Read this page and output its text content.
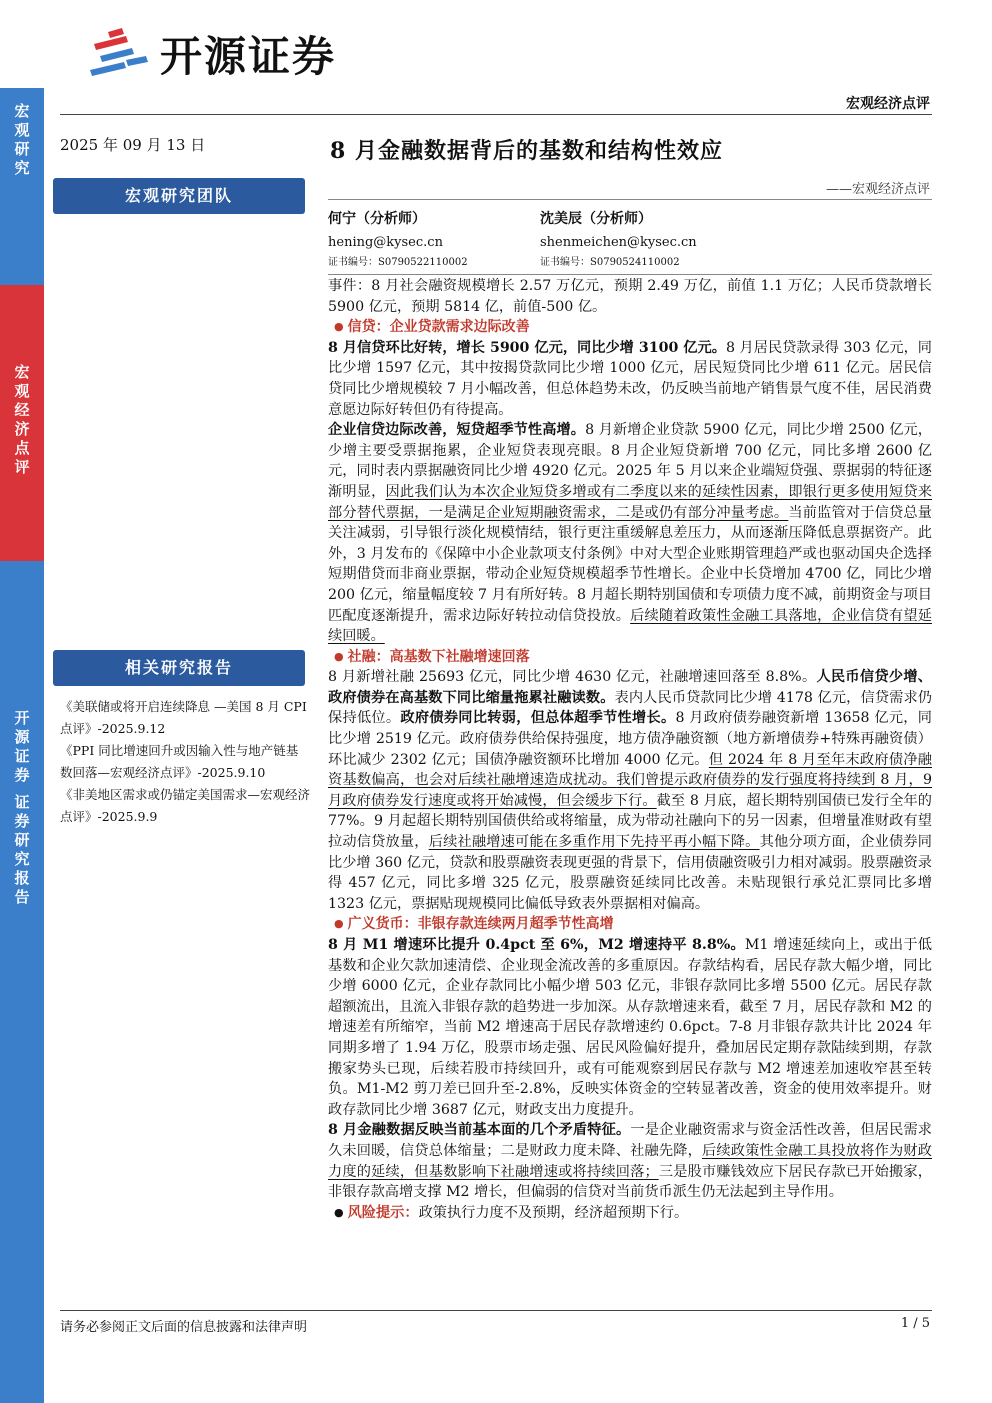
宏
观
研
究
宏
观
经
济
点
评
开
源
证
券
证
券
研
究
报
告
开源证券
宏观经济点评
2025 年 09 月 13 日	8 月金融数据背后的基数和结构性效应
——宏观经济点评
宏观研究团队
何宁（分析师）
hening@kysec.cn
证书编号：S0790522110002
沈美辰（分析师）
shenmeichen@kysec.cn
证书编号：S0790524110002
相关研究报告

《美联储或将开启连续降息 —美国 8 月 CPI 点评》-2025.9.12

《PPI 同比增速回升或因输入性与地产链基数回落—宏观经济点评》-2025.9.10

《非美地区需求或仍锚定美国需求—宏观经济点评》-2025.9.9

事件：8 月社会融资规模增长 2.57 万亿元，预期 2.49 万亿，前值 1.1 万亿；人民币贷款增长 5900 亿元，预期 5814 亿，前值-500 亿。

● 信贷：企业贷款需求边际改善

8 月信贷环比好转，增长 5900 亿元，同比少增 3100 亿元。8 月居民贷款录得 303 亿元，同比少增 1597 亿元，其中按揭贷款同比少增 1000 亿元，居民短贷同比少增 611 亿元。居民信贷同比少增规模较 7 月小幅改善，但总体趋势未改，仍反映当前地产销售景气度不佳，居民消费意愿边际好转但仍有待提高。

企业信贷边际改善，短贷超季节性高增。8 月新增企业贷款 5900 亿元，同比少增 2500 亿元，少增主要受票据拖累，企业短贷表现亮眼。8 月企业短贷新增 700 亿元，同比多增 2600 亿元，同时表内票据融资同比少增 4920 亿元。2025 年 5 月以来企业端短贷强、票据弱的特征逐渐明显，因此我们认为本次企业短贷多增或有二季度以来的延续性因素，即银行更多使用短贷来部分替代票据，一是满足企业短期融资需求，二是或仍有部分冲量考虑。当前监管对于信贷总量关注减弱，引导银行淡化规模情结，银行更注重缓解息差压力，从而逐渐压降低息票据资产。此外，3 月发布的《保障中小企业款项支付条例》中对大型企业账期管理趋严或也驱动国央企选择短期借贷而非商业票据，带动企业短贷规模超季节性增长。企业中长贷增加 4700 亿，同比少增 200 亿元，缩量幅度较 7 月有所好转。8 月超长期特别国债和专项债力度不减，前期资金与项目匹配度逐渐提升，需求边际好转拉动信贷投放。后续随着政策性金融工具落地，企业信贷有望延续回暖。

● 社融：高基数下社融增速回落

8 月新增社融 25693 亿元，同比少增 4630 亿元，社融增速回落至 8.8%。人民币信贷少增、政府债券在高基数下同比缩量拖累社融读数。表内人民币贷款同比少增 4178 亿元，信贷需求仍保持低位。政府债券同比转弱，但总体超季节性增长。8 月政府债券融资新增 13658 亿元，同比少增 2519 亿元。政府债券供给保持强度，地方债净融资额（地方新增债券+特殊再融资债）环比减少 2302 亿元；国债净融资额环比增加 4000 亿元。但 2024 年 8 月至年末政府债净融资基数偏高，也会对后续社融增速造成扰动。我们曾提示政府债券的发行强度将持续到 8 月，9 月政府债券发行速度或将开始减慢，但会缓步下行。截至 8 月底，超长期特别国债已发行全年的 77%。9 月起超长期特别国债供给或将缩量，成为带动社融向下的另一因素，但增量准财政有望拉动信贷放量，后续社融增速可能在多重作用下先持平再小幅下降。其他分项方面，企业债券同比少增 360 亿元，贷款和股票融资表现更强的背景下，信用债融资吸引力相对减弱。股票融资录得 457 亿元，同比多增 325 亿元，股票融资延续同比改善。未贴现银行承兑汇票同比多增 1323 亿元，票据贴现规模同比偏低导致表外票据相对偏高。

● 广义货币：非银存款连续两月超季节性高增

8 月 M1 增速环比提升 0.4pct 至 6%，M2 增速持平 8.8%。M1 增速延续向上，或出于低基数和企业欠款加速清偿、企业现金流改善的多重原因。存款结构看，居民存款大幅少增，同比少增 6000 亿元，企业存款同比小幅少增 503 亿元，非银存款同比多增 5500 亿元。居民存款超额流出，且流入非银存款的趋势进一步加深。从存款增速来看，截至 7 月，居民存款和 M2 的增速差有所缩窄，当前 M2 增速高于居民存款增速约 0.6pct。7-8 月非银存款共计比 2024 年同期多增了 1.94 万亿，股票市场走强、居民风险偏好提升，叠加居民定期存款陆续到期，存款搬家势头已现，后续若股市持续回升，或有可能观察到居民存款与 M2 增速差加速收窄甚至转负。M1-M2 剪刀差已回升至-2.8%，反映实体资金的空转显著改善，资金的使用效率提升。财政存款同比少增 3687 亿元，财政支出力度提升。

8 月金融数据反映当前基本面的几个矛盾特征。一是企业融资需求与资金活性改善，但居民需求久未回暖，信贷总体缩量；二是财政力度未降、社融先降，后续政策性金融工具投放将作为财政力度的延续，但基数影响下社融增速或将持续回落；三是股市赚钱效应下居民存款已开始搬家，非银存款高增支撑 M2 增长，但偏弱的信贷对当前货币派生仍无法起到主导作用。

● 风险提示：政策执行力度不及预期，经济超预期下行。

请务必参阅正文后面的信息披露和法律声明	1 / 5
